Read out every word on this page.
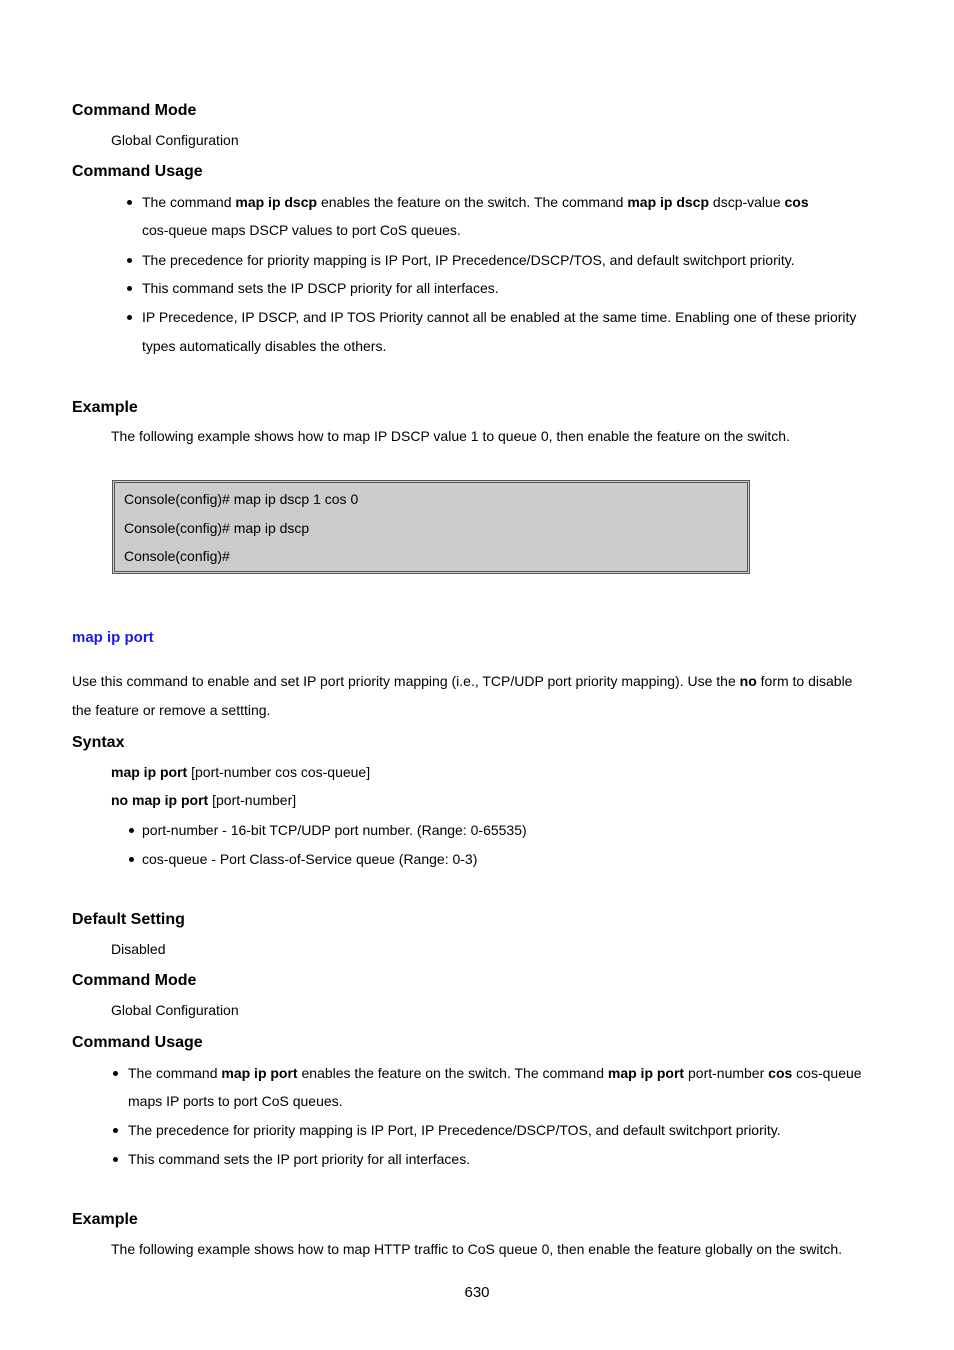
Command Mode
Global Configuration
Command Usage
The command map ip dscp enables the feature on the switch. The command map ip dscp dscp-value cos
cos-queue maps DSCP values to port CoS queues.
The precedence for priority mapping is IP Port, IP Precedence/DSCP/TOS, and default switchport priority.
This command sets the IP DSCP priority for all interfaces.
IP Precedence, IP DSCP, and IP TOS Priority cannot all be enabled at the same time. Enabling one of these priority
types automatically disables the others.
Example
The following example shows how to map IP DSCP value 1 to queue 0, then enable the feature on the switch.
Console(config)# map ip dscp 1 cos 0
Console(config)# map ip dscp
Console(config)#
map ip port
Use this command to enable and set IP port priority mapping (i.e., TCP/UDP port priority mapping). Use the no form to disable
the feature or remove a settting.
Syntax
map ip port [port-number cos cos-queue]
no map ip port [port-number]
port-number - 16-bit TCP/UDP port number. (Range: 0-65535)
cos-queue - Port Class-of-Service queue (Range: 0-3)
Default Setting
Disabled
Command Mode
Global Configuration
Command Usage
The command map ip port enables the feature on the switch. The command map ip port port-number cos cos-queue
maps IP ports to port CoS queues.
The precedence for priority mapping is IP Port, IP Precedence/DSCP/TOS, and default switchport priority.
This command sets the IP port priority for all interfaces.
Example
The following example shows how to map HTTP traffic to CoS queue 0, then enable the feature globally on the switch.
630
